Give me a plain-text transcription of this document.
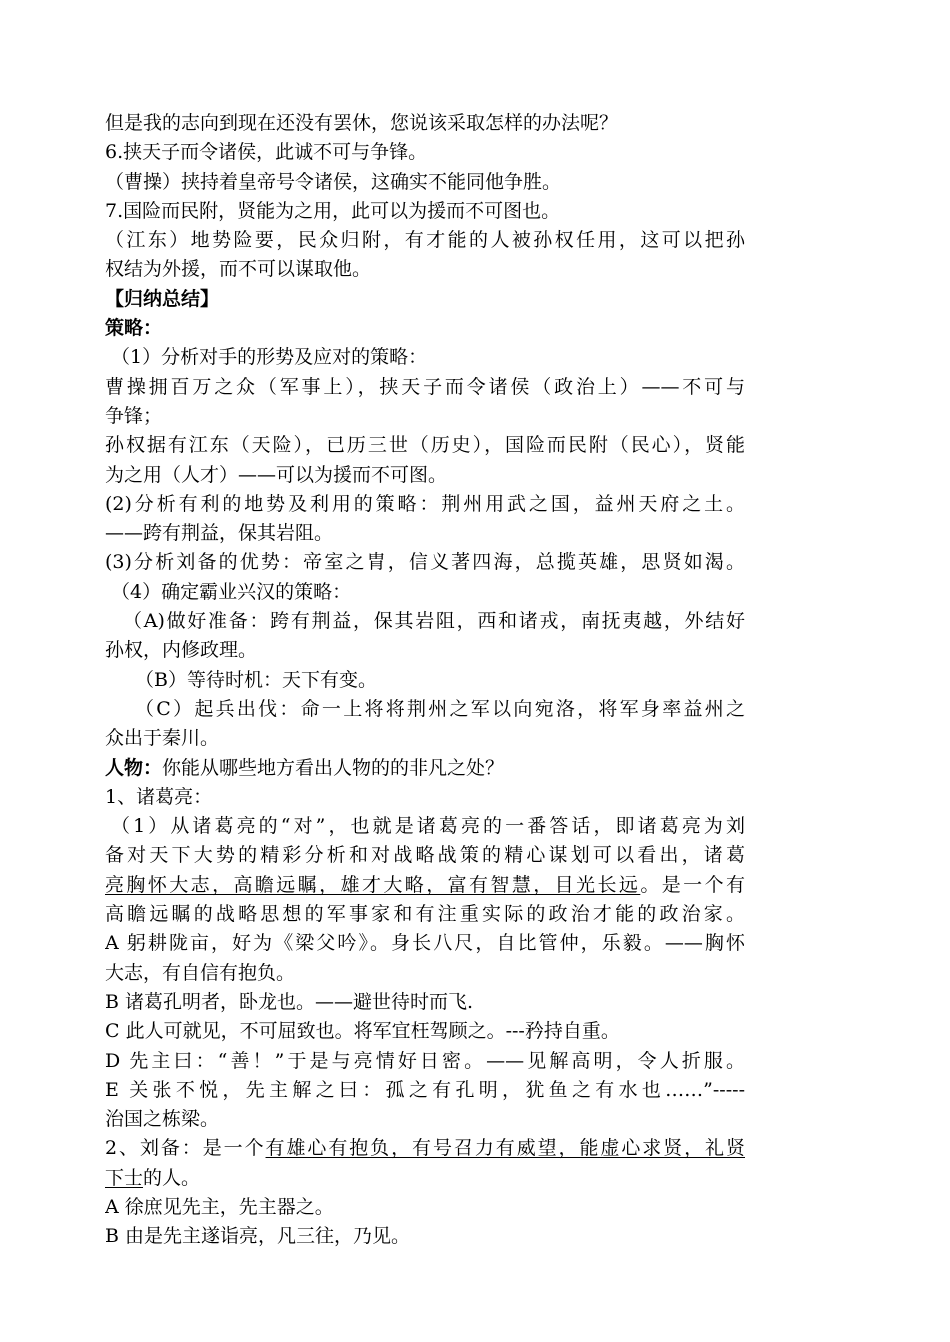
但是我的志向到现在还没有罢休，您说该采取怎样的办法呢？
6.挟天子而令诸侯，此诚不可与争锋。
（曹操）挟持着皇帝号令诸侯，这确实不能同他争胜。
7.国险而民附，贤能为之用，此可以为援而不可图也。
（江东）地势险要，民众归附，有才能的人被孙权任用，这可以把孙
权结为外援，而不可以谋取他。
【归纳总结】
策略：
（1）分析对手的形势及应对的策略：
曹操拥百万之众（军事上），挟天子而令诸侯（政治上）——不可与
争锋；
孙权据有江东（天险），已历三世（历史），国险而民附（民心），贤能
为之用（人才）——可以为援而不可图。
(2)分析有利的地势及利用的策略：荆州用武之国，益州天府之土。
——跨有荆益，保其岩阻。
(3)分析刘备的优势：帝室之胄，信义著四海，总揽英雄，思贤如渴。
（4）确定霸业兴汉的策略：
（A)做好准备：跨有荆益，保其岩阻，西和诸戎，南抚夷越，外结好
孙权，内修政理。
（B）等待时机：天下有变。
（C）起兵出伐：命一上将将荆州之军以向宛洛，将军身率益州之
众出于秦川。
人物：你能从哪些地方看出人物的的非凡之处？
1、诸葛亮：
（1）从诸葛亮的“对”，也就是诸葛亮的一番答话，即诸葛亮为刘
备对天下大势的精彩分析和对战略战策的精心谋划可以看出，诸葛
亮胸怀大志，高瞻远瞩，雄才大略，富有智慧，目光长远。是一个有
高瞻远瞩的战略思想的军事家和有注重实际的政治才能的政治家。
A 躬耕陇亩，好为《梁父吟》。身长八尺，自比管仲，乐毅。——胸怀
大志，有自信有抱负。
B 诸葛孔明者，卧龙也。——避世待时而飞.
C 此人可就见，不可屈致也。将军宜枉驾顾之。---矜持自重。
D 先主曰：“善！”于是与亮情好日密。——见解高明，令人折服。
E 关张不悦，先主解之曰：孤之有孔明，犹鱼之有水也……”-----
治国之栋梁。
2、刘备：是一个有雄心有抱负，有号召力有威望，能虚心求贤，礼贤
下士的人。
A 徐庶见先主，先主器之。
B 由是先主遂诣亮，凡三往，乃见。
